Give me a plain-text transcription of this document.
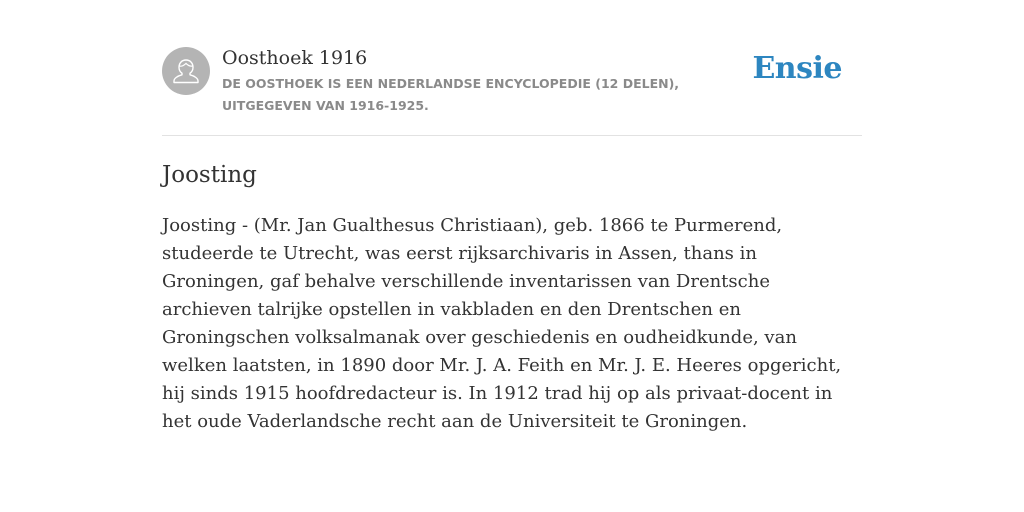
Oosthoek 1916
DE OOSTHOEK IS EEN NEDERLANDSE ENCYCLOPEDIE (12 DELEN), UITGEGEVEN VAN 1916-1925.
Ensie
Joosting

Joosting - (Mr. Jan Gualthesus Christiaan), geb. 1866 te Purmerend, studeerde te Utrecht, was eerst rijksarchivaris in Assen, thans in Groningen, gaf behalve verschillende inventarissen van Drentsche archieven talrijke opstellen in vakbladen en den Drentschen en Groningschen volksalmanak over geschiedenis en oudheidkunde, van welken laatsten, in 1890 door Mr. J. A. Feith en Mr. J. E. Heeres opgericht, hij sinds 1915 hoofdredacteur is. In 1912 trad hij op als privaat-docent in het oude Vaderlandsche recht aan de Universiteit te Groningen.
